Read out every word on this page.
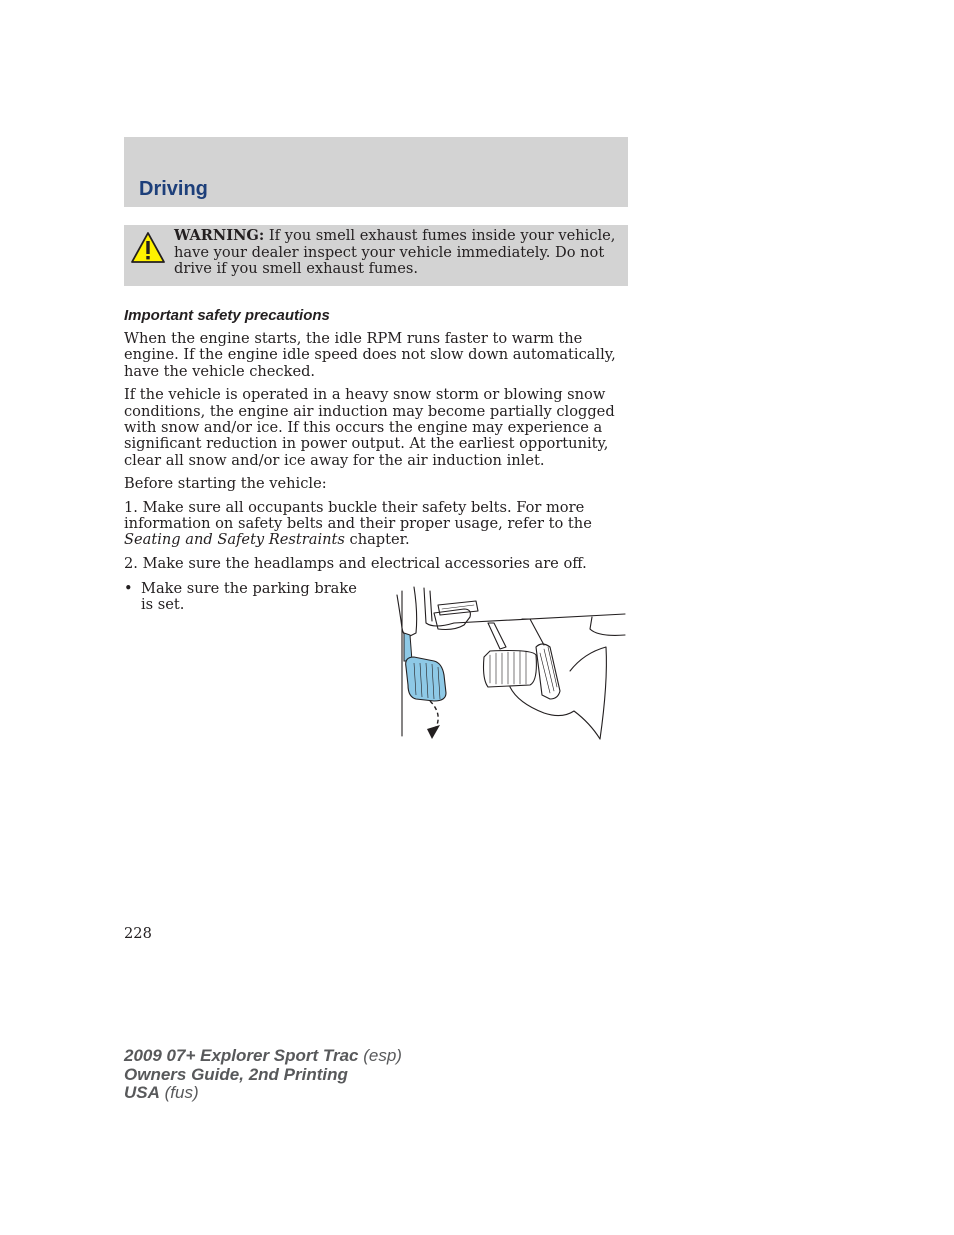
Driving

WARNING: If you smell exhaust fumes inside your vehicle, have your dealer inspect your vehicle immediately. Do not drive if you smell exhaust fumes.

Important safety precautions

When the engine starts, the idle RPM runs faster to warm the engine. If the engine idle speed does not slow down automatically, have the vehicle checked.

If the vehicle is operated in a heavy snow storm or blowing snow conditions, the engine air induction may become partially clogged with snow and/or ice. If this occurs the engine may experience a significant reduction in power output. At the earliest opportunity, clear all snow and/or ice away for the air induction inlet.

Before starting the vehicle:

1. Make sure all occupants buckle their safety belts. For more information on safety belts and their proper usage, refer to the Seating and Safety Restraints chapter.

2. Make sure the headlamps and electrical accessories are off.

• Make sure the parking brake is set.

228
2009 07+ Explorer Sport Trac (esp)
Owners Guide, 2nd Printing
USA (fus)
